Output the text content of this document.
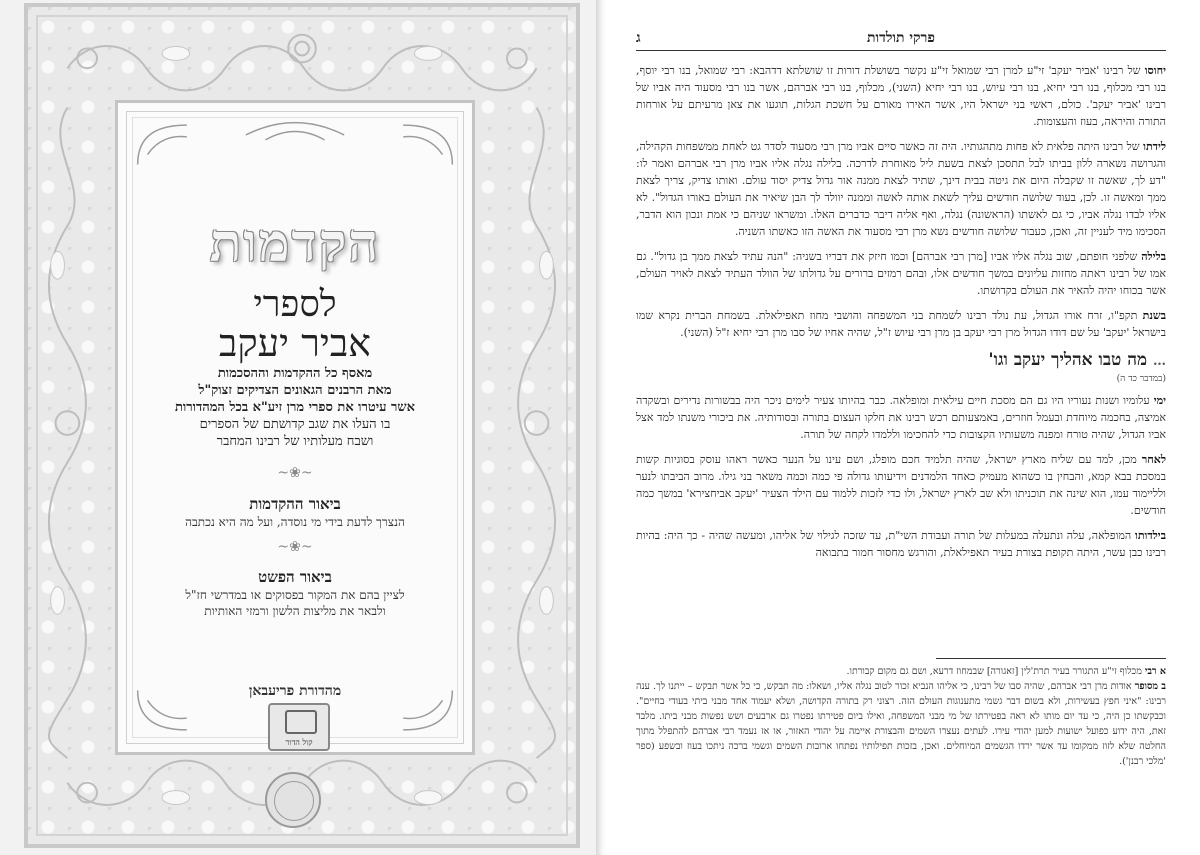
הקדמות
לספרי
אביר יעקב
מאסף כל ההקדמות וההסכמות
מאת הרבנים הגאונים הצדיקים זצוק"ל
אשר עיטרו את ספרי מרן זיע"א בכל המהדורות
בו העלו את שגב קדושתם של הספרים
ושבח מעלותיו של רבינו המחבר
~❀~
ביאור ההקדמות
הנצרך לדעת בידי מי נוסדה, ועל מה היא נכתבה
~❀~
ביאור הפשט
לציין בהם את המקור בפסוקים או במדרשי חז"ל
ולבאר את מליצות הלשון ורמזי האותיות
מהדורת פריעבאן
קול הדור
פרקי תולדות
ג

יחוסו של רבינו 'אביר יעקב' זי"ע למרן רבי שמואל זי"ע נקשר בשושלת דורות זו שושלתא דדהבא: רבי שמואל, בנו רבי יוסף, בנו רבי מכלוף, בנו רבי יחיא, בנו רבי עיוש, בנו רבי יחיא (השני), מכלוף, בנו רבי אברהם, אשר בנו רבי מסעוד היה אביו של רבינו 'אביר יעקב'. כולם, ראשי בני ישראל היו, אשר האירו מאורם על חשכת הגלות, תוגעו את צאן מרעיתם על אורחות התורה והיראה, בעוז והעצומות.

לידתו של רבינו היתה פלאית לא פחות מתהגותיו. היה זה כאשר סיים אביו מרן רבי מסעוד לסדר גט לאחת ממשפחות הקהילה, והגרושה נשארה ללון בביתו לבל תתסכן לצאת בשעת ליל מאוחרת לדרכה. בלילה נגלה אליו אביו מרן רבי אברהם ואמר לו: "דע לך, שאשה זו שקבלה היום את גיטה בבית דינך, שתיד לצאת ממנה אור גדול צדיק יסוד עולם. ואותו צדיק, צריך לצאת ממך ומאשה זו. לכן, בעוד שלושה חודשים עליך לשאת אותה לאשה וממנה יוולד לך הבן שיאיר את העולם באורו הגדול". לא אליו לבדו נגלה אביו, כי גם לאשתו (הראשונה) נגלה, ואף אליה דיבר כדברים האלו. ומשראו שניהם כי אמת ונכון הוא הדבר, הסכימו מיד לעניין זה, ואכן, כעבור שלושה חודשים נשא מרן רבי מסעוד את האשה הזו כאשתו השניה.

בלילה שלפני חופתם, שוב נגלה אליו אביו [מרן רבי אברהם] וכמו חיזק את דבריו בשניה: "הנה עתיד לצאת ממך בן גדול". גם אמו של רבינו ראתה מחזות עליונים במשך חודשים אלו, ובהם רמזים ברורים על גדולתו של הוולד העתיד לצאת לאויר העולם, אשר בכוחו יהיה להאיר את העולם בקדושתו.

בשנת תקפ"ו, זרח אורו הגדול, עת נולד רבינו לשמחת בני המשפחה והושבי מחוז תאפילאלת. בשמחת הברית נקרא שמו בישראל 'יעקב' על שם דודו הגדול מרן רבי יעקב בן מרן רבי עיוש ז"ל, שהיה אחיו של סבו מרן רבי יחיא ז"ל (השני).

… מה טבו אהליך יעקב וגו'
(במדבר כד ה)

ימי עלומיו ושנות נעוריו היו גם הם מסכת חיים עילאית ומופלאה. כבר בהיותו צעיר לימים ניכר היה בבשורות נדירים ובשקדה אמיצה, בחכמה מיוחדת ובעמל חוזרים, באמצעותם רכש רבינו את חלקו העצום בתורה ובסודותיה. את ביכורי משנתו למד אצל אביו הגדול, שהיה טורח ומפנה משעותיו הקצובות כדי להחכימו וללמדו לקחה של תורה.

לאחר מכן, למד עם שליח מארץ ישראל, שהיה תלמיד חכם מופלג, ושם עינו על הנער כאשר ראהו עוסק בסוגיות קשות במסכת בבא קמא, והבחין בו כשהוא מעמיק כאחד הלמדנים וידיעותו גדולה פי כמה וכמה משאר בני גילו. מרוב הביבתו לנער ולליימוד עמו, הוא שינה את תוכניתו ולא שב לארץ ישראל, ולו כדי לזכות ללמוד עם הילד הצעיר 'יעקב אביחצירא' במשך כמה חודשים.

בילדותו המופלאה, עלה ונתעלה במעלות של תורה ועבודת השי"ת, עד שזכה לגילוי של אליהו, ומעשה שהיה - כך היה: בהיות רבינו כבן עשר, היתה תקופת בצורת בעיר תאפילאלת, והורגש מחסור חמור בתבואה

א רבי מכלוף זי"ע התגורר בעיר תרת'לין [זאגורה] שבמחוז דרעא, ושם גם מקום קבורתו.

ב מסופר אודות מרן רבי אברהם, שהיה סבו של רבינו, כי אליהו הנביא זכור לטוב נגלה אליו, ושאלו: מה תבקש, כי כל אשר תבקש – ייתנו לך. ענה רבינו: "איני חפץ בעשירות, ולא בשום דבר גשמי מתענוגות העולם הזה. רצוני רק בתורה הקדושה, ושלא יעמוד אחד מבני ביתי בעודי בחיים". וכבקשתו כן היה, כי עד יום מותו לא ראה בפטירתו של מי מבני המשפחה, ואילו ביום פטירתו נפטרו גם ארבעים ושש נפשות מבני ביתו. מלבד זאת, היה ידוע כפועל ישועות למען יהודי עירו. לעתים נעצרו השמים והבצורת איימה על יהודי האזור, או אז נעמד רבי אברהם להתפלל מתוך החלטה שלא לזוז ממקומו עד אשר ירדו הגשמים המיוחלים. ואכן, בזכות תפילותיו נפתחו ארובות השמים וגשמי ברכה ניתכו בעוז ובשפע (ספר 'מלכי רבנן').
